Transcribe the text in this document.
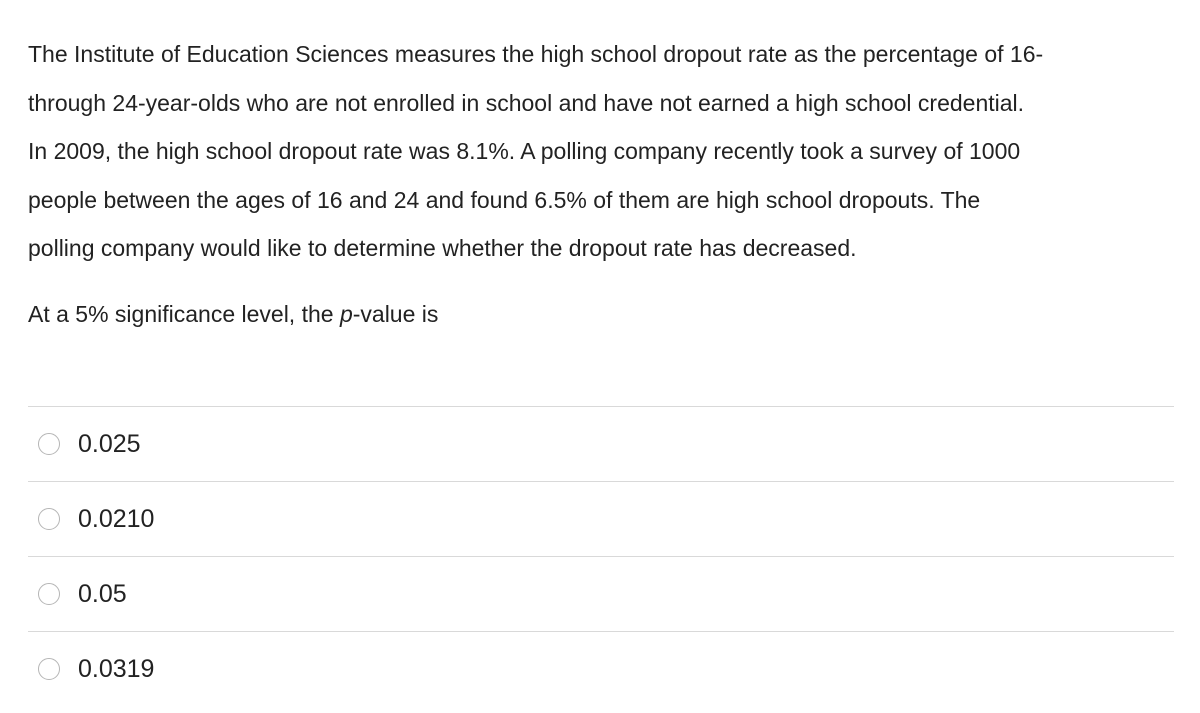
The Institute of Education Sciences measures the high school dropout rate as the percentage of 16-
through 24-year-olds who are not enrolled in school and have not earned a high school credential.
In 2009, the high school dropout rate was 8.1%. A polling company recently took a survey of 1000
people between the ages of 16 and 24 and found 6.5% of them are high school dropouts. The
polling company would like to determine whether the dropout rate has decreased.
At a 5% significance level, the p-value is
0.025
0.0210
0.05
0.0319
